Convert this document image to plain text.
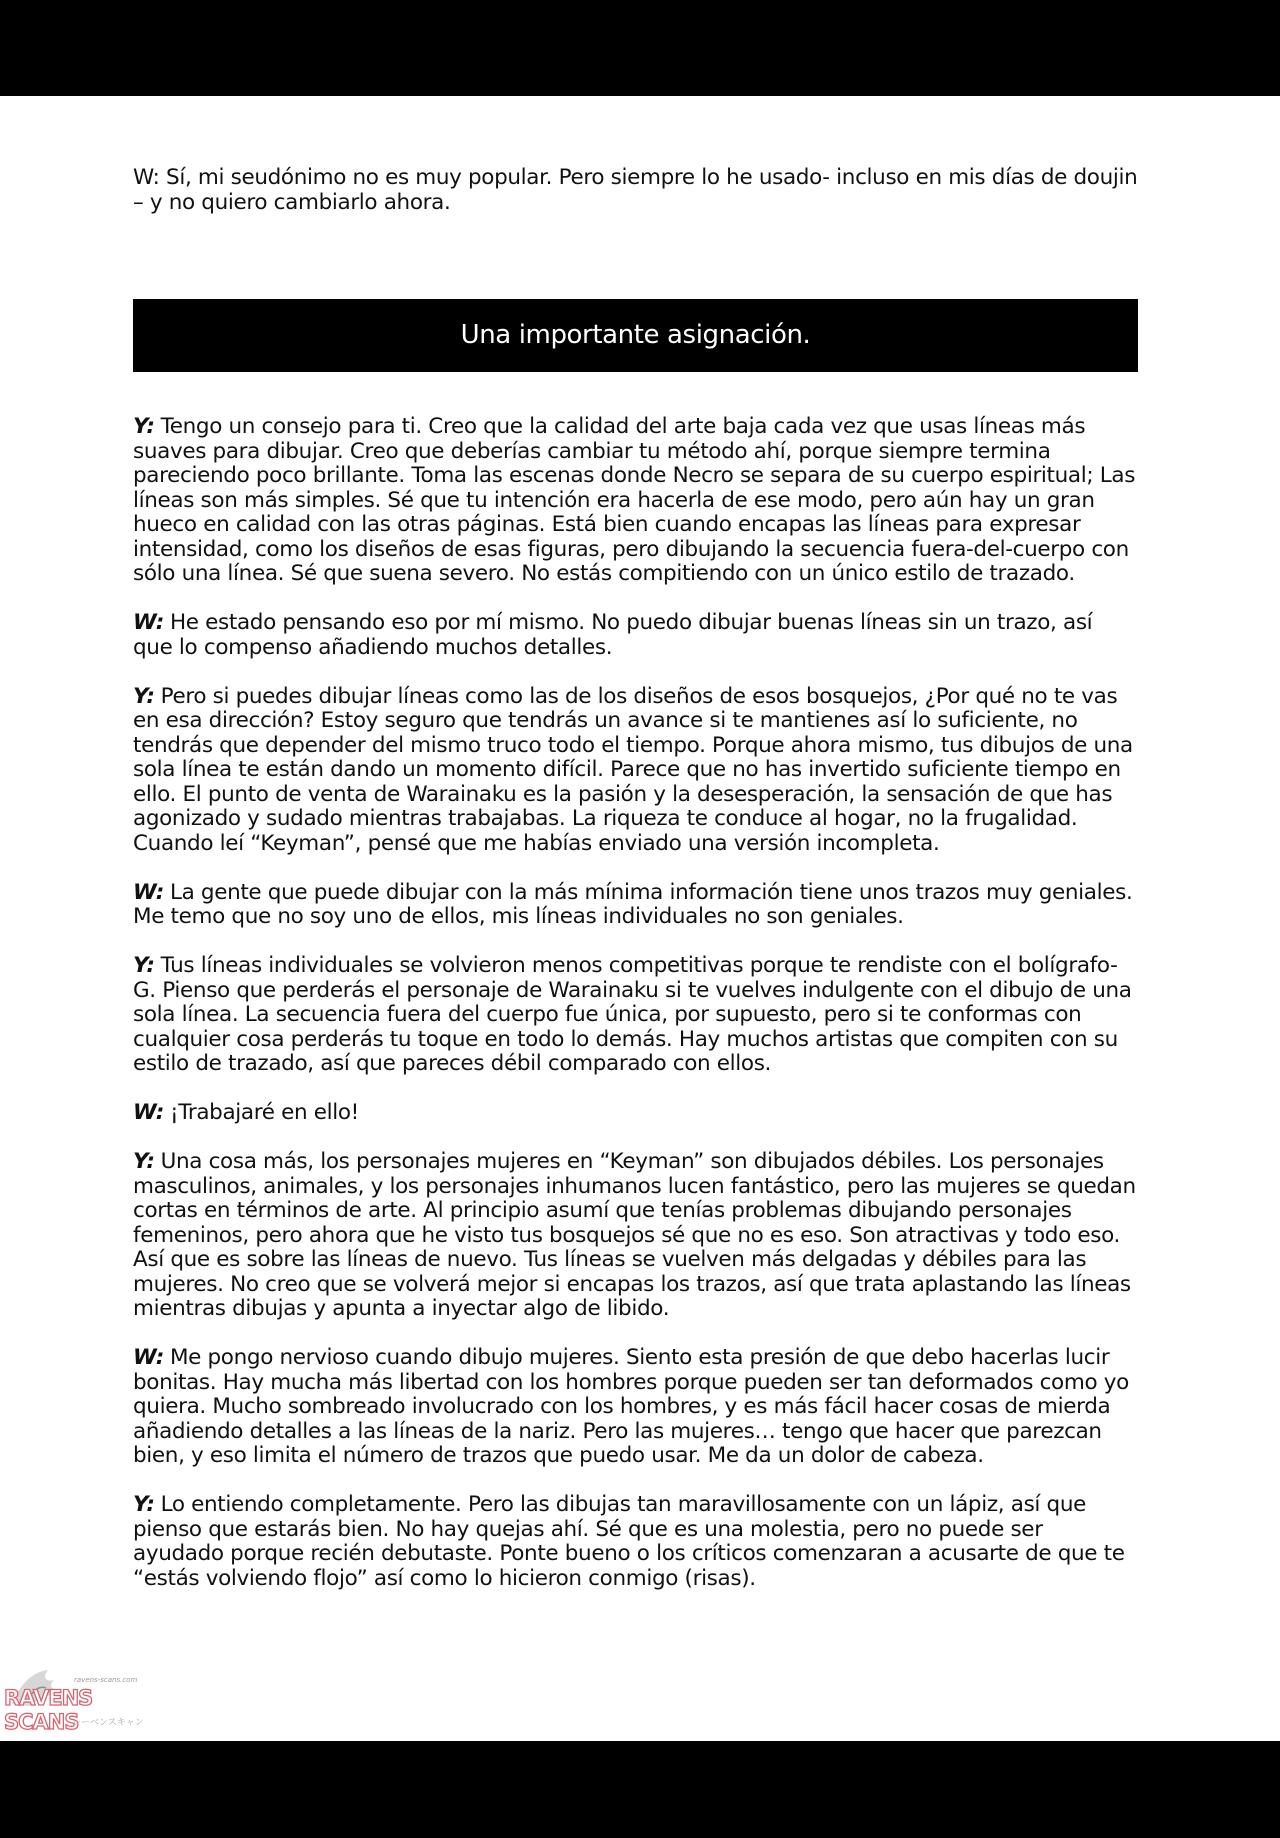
W: Sí, mi seudónimo no es muy popular. Pero siempre lo he usado- incluso en mis días de doujin – y no quiero cambiarlo ahora.

Una importante asignación.

Y: Tengo un consejo para ti. Creo que la calidad del arte baja cada vez que usas líneas más suaves para dibujar. Creo que deberías cambiar tu método ahí, porque siempre termina pareciendo poco brillante. Toma las escenas donde Necro se separa de su cuerpo espiritual; Las líneas son más simples. Sé que tu intención era hacerla de ese modo, pero aún hay un gran hueco en calidad con las otras páginas. Está bien cuando encapas las líneas para expresar intensidad, como los diseños de esas figuras, pero dibujando la secuencia fuera-del-cuerpo con sólo una línea. Sé que suena severo. No estás compitiendo con un único estilo de trazado.

W: He estado pensando eso por mí mismo. No puedo dibujar buenas líneas sin un trazo, así que lo compenso añadiendo muchos detalles.

Y: Pero si puedes dibujar líneas como las de los diseños de esos bosquejos, ¿Por qué no te vas en esa dirección? Estoy seguro que tendrás un avance si te mantienes así lo suficiente, no tendrás que depender del mismo truco todo el tiempo. Porque ahora mismo, tus dibujos de una sola línea te están dando un momento difícil. Parece que no has invertido suficiente tiempo en ello. El punto de venta de Warainaku es la pasión y la desesperación, la sensación de que has agonizado y sudado mientras trabajabas. La riqueza te conduce al hogar, no la frugalidad. Cuando leí “Keyman”, pensé que me habías enviado una versión incompleta.

W: La gente que puede dibujar con la más mínima información tiene unos trazos muy geniales. Me temo que no soy uno de ellos, mis líneas individuales no son geniales.

Y: Tus líneas individuales se volvieron menos competitivas porque te rendiste con el bolígrafo-G. Pienso que perderás el personaje de Warainaku si te vuelves indulgente con el dibujo de una sola línea. La secuencia fuera del cuerpo fue única, por supuesto, pero si te conformas con cualquier cosa perderás tu toque en todo lo demás. Hay muchos artistas que compiten con su estilo de trazado, así que pareces débil comparado con ellos.

W: ¡Trabajaré en ello!

Y: Una cosa más, los personajes mujeres en “Keyman” son dibujados débiles. Los personajes masculinos, animales, y los personajes inhumanos lucen fantástico, pero las mujeres se quedan cortas en términos de arte. Al principio asumí que tenías problemas dibujando personajes femeninos, pero ahora que he visto tus bosquejos sé que no es eso. Son atractivas y todo eso. Así que es sobre las líneas de nuevo. Tus líneas se vuelven más delgadas y débiles para las mujeres. No creo que se volverá mejor si encapas los trazos, así que trata aplastando las líneas mientras dibujas y apunta a inyectar algo de libido.

W: Me pongo nervioso cuando dibujo mujeres. Siento esta presión de que debo hacerlas lucir bonitas. Hay mucha más libertad con los hombres porque pueden ser tan deformados como yo quiera. Mucho sombreado involucrado con los hombres, y es más fácil hacer cosas de mierda añadiendo detalles a las líneas de la nariz. Pero las mujeres… tengo que hacer que parezcan bien, y eso limita el número de trazos que puedo usar. Me da un dolor de cabeza.

Y: Lo entiendo completamente. Pero las dibujas tan maravillosamente con un lápiz, así que pienso que estarás bien. No hay quejas ahí. Sé que es una molestia, pero no puede ser ayudado porque recién debutaste. Ponte bueno o los críticos comenzaran a acusarte de que te “estás volviendo flojo” así como lo hicieron conmigo (risas).

ravens-scans.com
RAVENS SCANS
レーベンスキャン
